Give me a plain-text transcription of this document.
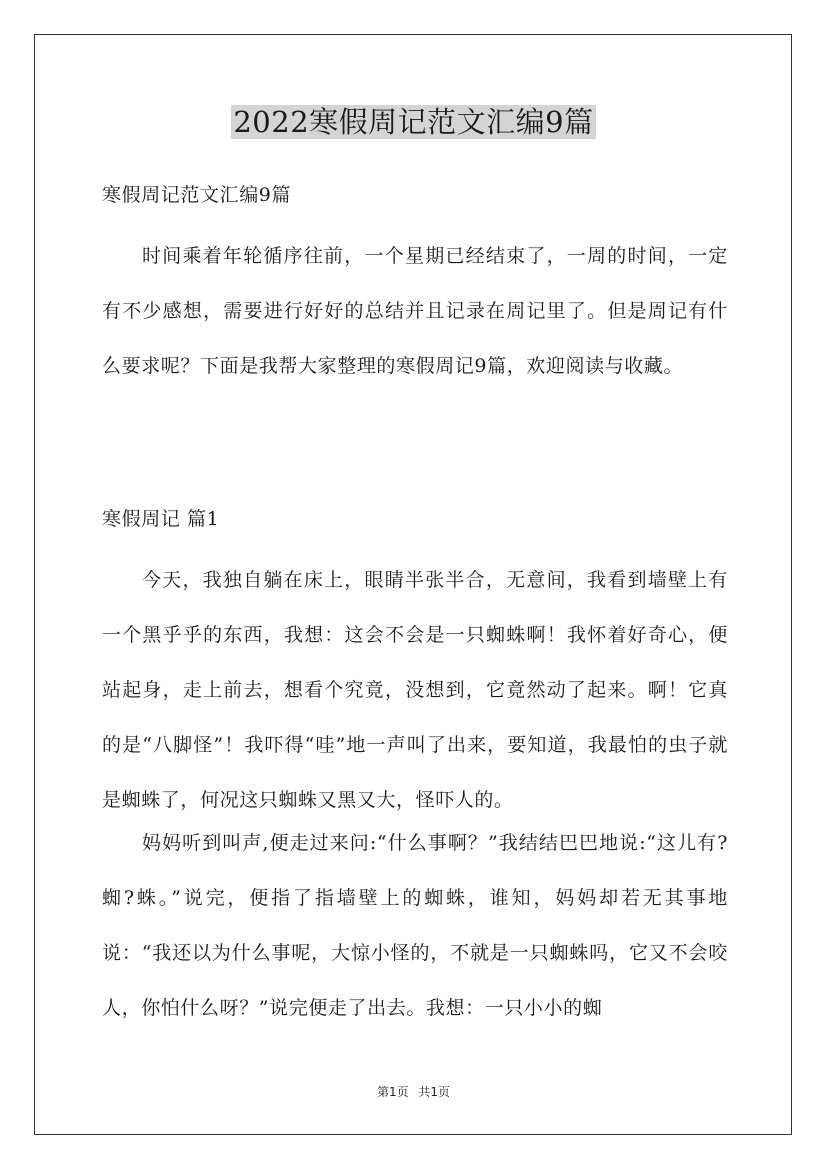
2022寒假周记范文汇编9篇

寒假周记范文汇编9篇

时间乘着年轮循序往前，一个星期已经结束了，一周的时间，一定有不少感想，需要进行好好的总结并且记录在周记里了。但是周记有什么要求呢？下面是我帮大家整理的寒假周记9篇，欢迎阅读与收藏。

寒假周记 篇1

今天，我独自躺在床上，眼睛半张半合，无意间，我看到墙壁上有一个黑乎乎的东西，我想：这会不会是一只蜘蛛啊！我怀着好奇心，便站起身，走上前去，想看个究竟，没想到，它竟然动了起来。啊！它真的是“八脚怪”！我吓得“哇”地一声叫了出来，要知道，我最怕的虫子就是蜘蛛了，何况这只蜘蛛又黑又大，怪吓人的。

妈妈听到叫声,便走过来问:“什么事啊？”我结结巴巴地说:“这儿有?蜘?蛛。”说完，便指了指墙壁上的蜘蛛，谁知，妈妈却若无其事地说：“我还以为什么事呢，大惊小怪的，不就是一只蜘蛛吗，它又不会咬人，你怕什么呀？”说完便走了出去。我想：一只小小的蜘

第1页 共1页
